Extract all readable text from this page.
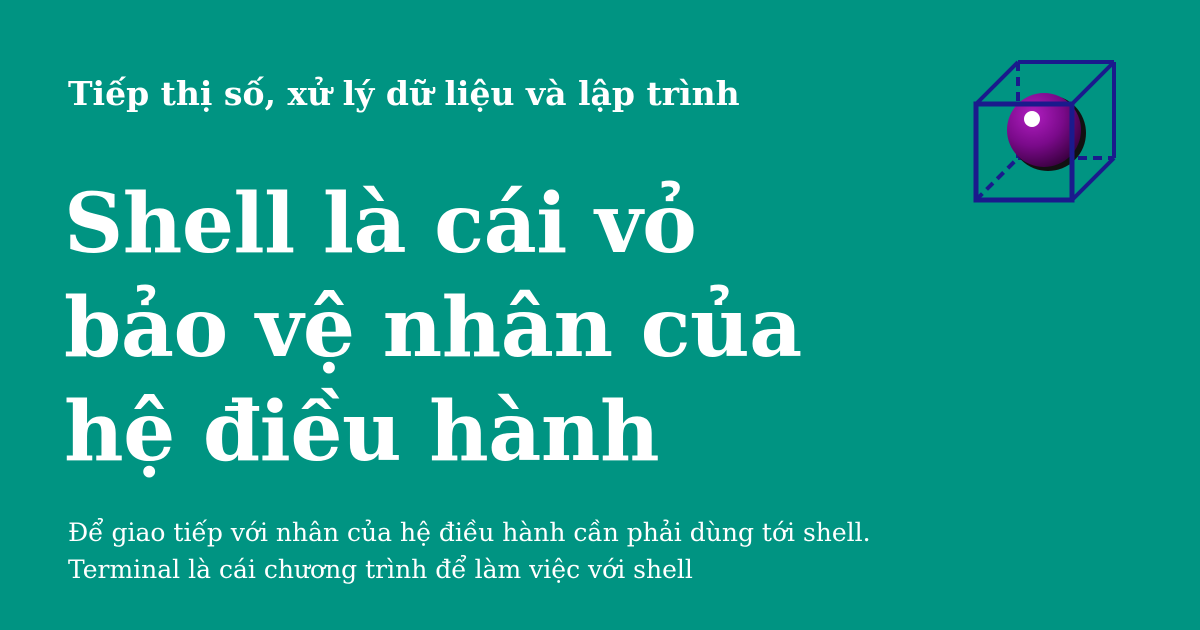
Tiếp thị số, xử lý dữ liệu và lập trình

Shell là cái vỏ bảo vệ nhân của hệ điều hành

Để giao tiếp với nhân của hệ điều hành cần phải dùng tới shell. Terminal là cái chương trình để làm việc với shell
